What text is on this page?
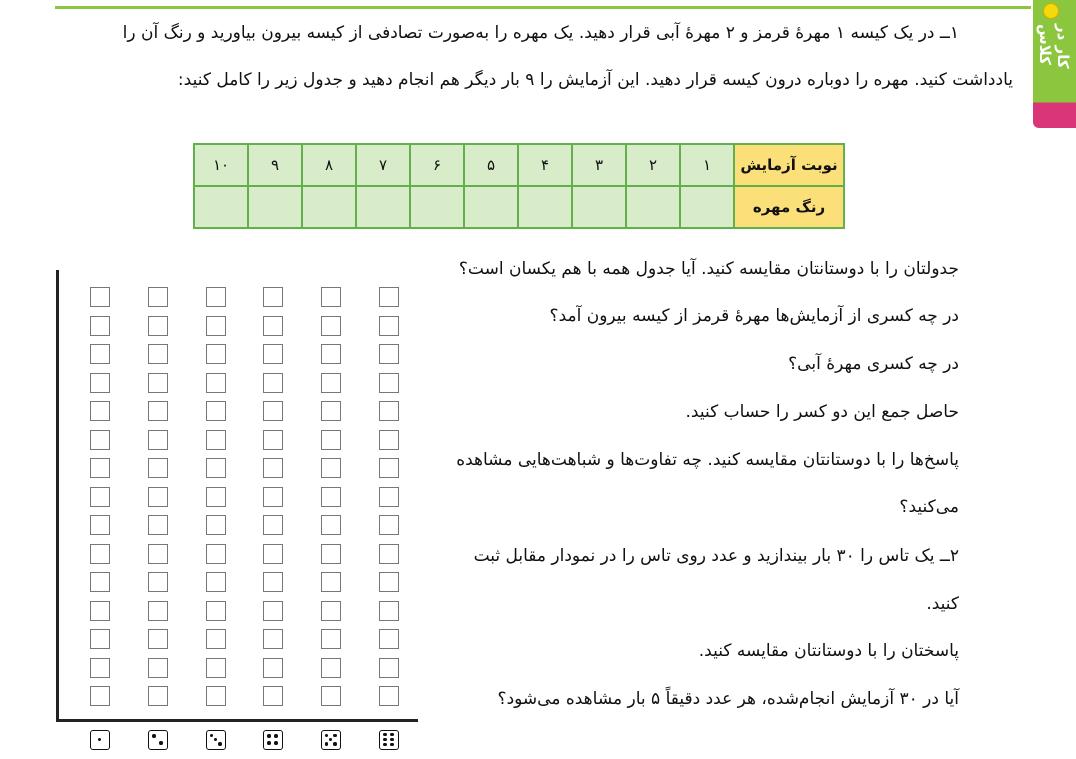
کار در کلاس
۱ــ در یک کیسه ۱ مهرهٔ قرمز و ۲ مهرهٔ آبی قرار دهید. یک مهره را به‌صورت تصادفی از کیسه بیرون بیاورید و رنگ آن را
یادداشت کنید. مهره را دوباره درون کیسه قرار دهید. این آزمایش را ۹ بار دیگر هم انجام دهید و جدول زیر را کامل کنید:
نوبت آزمایش	۱	۲	۳	۴	۵	۶	۷	۸	۹	۱۰
رنگ مهره										
جدولتان را با دوستانتان مقایسه کنید. آیا جدول همه با هم یکسان است؟
در چه کسری از آزمایش‌ها مهرهٔ قرمز از کیسه بیرون آمد؟
در چه کسری مهرهٔ آبی؟
حاصل جمع این دو کسر را حساب کنید.
پاسخ‌ها را با دوستانتان مقایسه کنید. چه تفاوت‌ها و شباهت‌هایی مشاهده
می‌کنید؟
۲ــ یک تاس را ۳۰ بار بیندازید و عدد روی تاس را در نمودار مقابل ثبت
کنید.
پاسختان را با دوستانتان مقایسه کنید.
آیا در ۳۰ آزمایش انجام‌شده، هر عدد دقیقاً ۵ بار مشاهده می‌شود؟
